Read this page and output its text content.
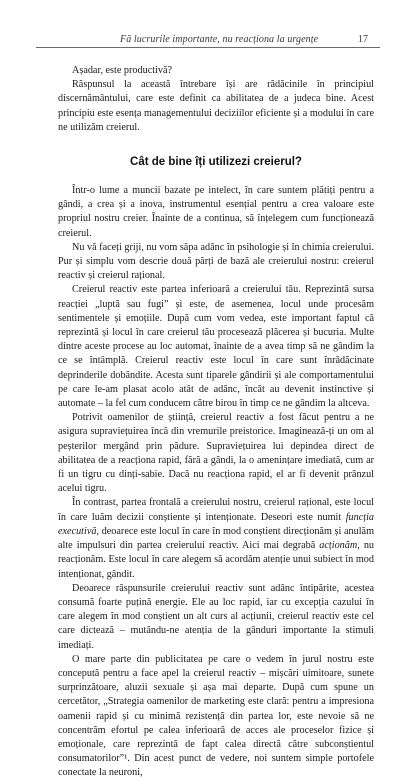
Fă lucrurile importante, nu reacționa la urgențe	17

Așadar, este productivă?

Răspunsul la această întrebare își are rădăcinile în principiul discernământului, care este definit ca abilitatea de a judeca bine. Acest principiu este esența managementului deciziilor eficiente și a modului în care ne utilizăm creierul.

Cât de bine îți utilizezi creierul?

Într-o lume a muncii bazate pe intelect, în care suntem plătiți pentru a gândi, a crea și a inova, instrumentul esențial pentru a crea valoare este propriul nostru creier. Înainte de a continua, să înțelegem cum funcționează creierul.

Nu vă faceți griji, nu vom săpa adânc în psihologie și în chimia creierului. Pur și simplu vom descrie două părți de bază ale creierului nostru: creierul reactiv și creierul rațional.

Creierul reactiv este partea inferioară a creierului tău. Reprezintă sursa reacției „luptă sau fugi” și este, de asemenea, locul unde procesăm sentimentele și emoțiile. După cum vom vedea, este important faptul că reprezintă și locul în care creierul tău procesează plăcerea și bucuria. Multe dintre aceste procese au loc automat, înainte de a avea timp să ne gândim la ce se întâmplă. Creierul reactiv este locul în care sunt înrădăcinate deprinderile dobândite. Acesta sunt tiparele gândirii și ale comportamentului pe care le-am plasat acolo atât de adânc, încât au devenit instinctive și automate – la fel cum conducem către birou în timp ce ne gândim la altceva.

Potrivit oamenilor de știință, creierul reactiv a fost făcut pentru a ne asigura supraviețuirea încă din vremurile preistorice. Imaginează-ți un om al peșterilor mergând prin pădure. Supraviețuirea lui depindea direct de abilitatea de a reacționa rapid, fără a gândi, la o amenințare imediată, cum ar fi un tigru cu dinți-sabie. Dacă nu reacționa rapid, el ar fi devenit prânzul acelui tigru.

În contrast, partea frontală a creierului nostru, creierul rațional, este locul în care luăm decizii conștiente și intenționate. Deseori este numit funcția executivă, deoarece este locul în care în mod conștient direcționăm și anulăm alte impulsuri din partea creierului reactiv. Aici mai degrabă acționăm, nu reacționăm. Este locul în care alegem să acordăm atenție unui subiect în mod intenționat, gândit.

Deoarece răspunsurile creierului reactiv sunt adânc întipărite, acestea consumă foarte puțină energie. Ele au loc rapid, iar cu excepția cazului în care alegem în mod conștient un alt curs al acțiunii, creierul reactiv este cel care dictează – mutându-ne atenția de la gânduri importante la stimuli imediați.

O mare parte din publicitatea pe care o vedem în jurul nostru este concepută pentru a face apel la creierul reactiv – mișcări uimitoare, sunete surprinzătoare, aluzii sexuale și așa mai departe. După cum spune un cercetător, „Strategia oamenilor de marketing este clară: pentru a impresiona oamenii rapid și cu minimă rezistență din partea lor, este nevoie să ne concentrăm efortul pe calea inferioară de acces ale proceselor fizice și emoționale, care reprezintă de fapt calea directă către subconștientul consumatorilor”¹. Din acest punct de vedere, noi suntem simple portofele conectate la neuroni,
